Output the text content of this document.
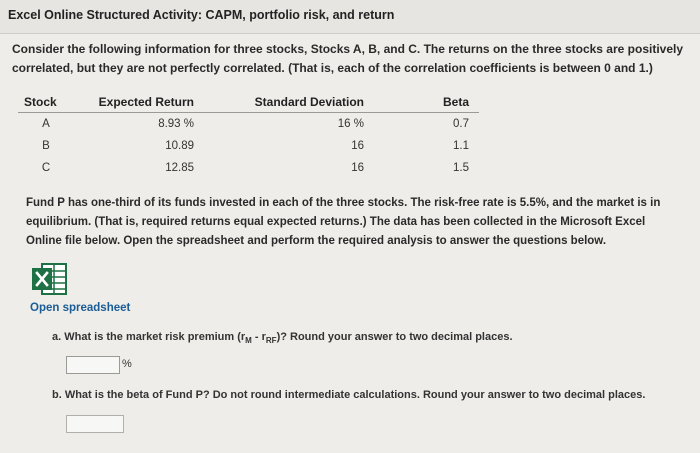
Excel Online Structured Activity: CAPM, portfolio risk, and return
Consider the following information for three stocks, Stocks A, B, and C. The returns on the three stocks are positively correlated, but they are not perfectly correlated. (That is, each of the correlation coefficients is between 0 and 1.)
Stock	Expected Return	Standard Deviation	Beta
A	8.93 %	16 %	0.7
B	10.89	16	1.1
C	12.85	16	1.5
Fund P has one-third of its funds invested in each of the three stocks. The risk-free rate is 5.5%, and the market is in equilibrium. (That is, required returns equal expected returns.) The data has been collected in the Microsoft Excel Online file below. Open the spreadsheet and perform the required analysis to answer the questions below.
Open spreadsheet
a. What is the market risk premium $(r_M - r_{RF})$? Round your answer to two decimal places.
%
b. What is the beta of Fund P? Do not round intermediate calculations. Round your answer to two decimal places.
